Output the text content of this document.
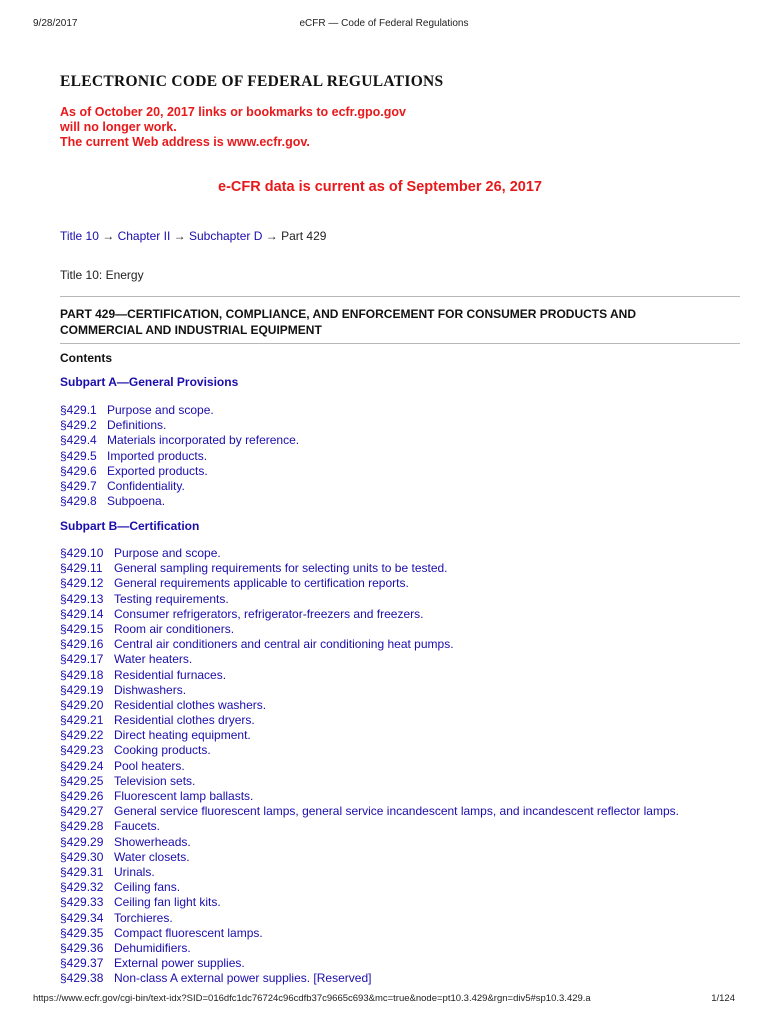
9/28/2017	eCFR — Code of Federal Regulations
ELECTRONIC CODE OF FEDERAL REGULATIONS
As of October 20, 2017 links or bookmarks to ecfr.gpo.gov
will no longer work.
The current Web address is www.ecfr.gov.
e-CFR data is current as of September 26, 2017
Title 10 → Chapter II → Subchapter D → Part 429
Title 10: Energy
PART 429—CERTIFICATION, COMPLIANCE, AND ENFORCEMENT FOR CONSUMER PRODUCTS AND COMMERCIAL AND INDUSTRIAL EQUIPMENT
Contents
Subpart A—General Provisions
§429.1 Purpose and scope.
§429.2 Definitions.
§429.4 Materials incorporated by reference.
§429.5 Imported products.
§429.6 Exported products.
§429.7 Confidentiality.
§429.8 Subpoena.
Subpart B—Certification
§429.10 Purpose and scope.
§429.11 General sampling requirements for selecting units to be tested.
§429.12 General requirements applicable to certification reports.
§429.13 Testing requirements.
§429.14 Consumer refrigerators, refrigerator-freezers and freezers.
§429.15 Room air conditioners.
§429.16 Central air conditioners and central air conditioning heat pumps.
§429.17 Water heaters.
§429.18 Residential furnaces.
§429.19 Dishwashers.
§429.20 Residential clothes washers.
§429.21 Residential clothes dryers.
§429.22 Direct heating equipment.
§429.23 Cooking products.
§429.24 Pool heaters.
§429.25 Television sets.
§429.26 Fluorescent lamp ballasts.
§429.27 General service fluorescent lamps, general service incandescent lamps, and incandescent reflector lamps.
§429.28 Faucets.
§429.29 Showerheads.
§429.30 Water closets.
§429.31 Urinals.
§429.32 Ceiling fans.
§429.33 Ceiling fan light kits.
§429.34 Torchieres.
§429.35 Compact fluorescent lamps.
§429.36 Dehumidifiers.
§429.37 External power supplies.
§429.38 Non-class A external power supplies. [Reserved]
https://www.ecfr.gov/cgi-bin/text-idx?SID=016dfc1dc76724c96cdfb37c9665c693&mc=true&node=pt10.3.429&rgn=div5#sp10.3.429.a	1/124
